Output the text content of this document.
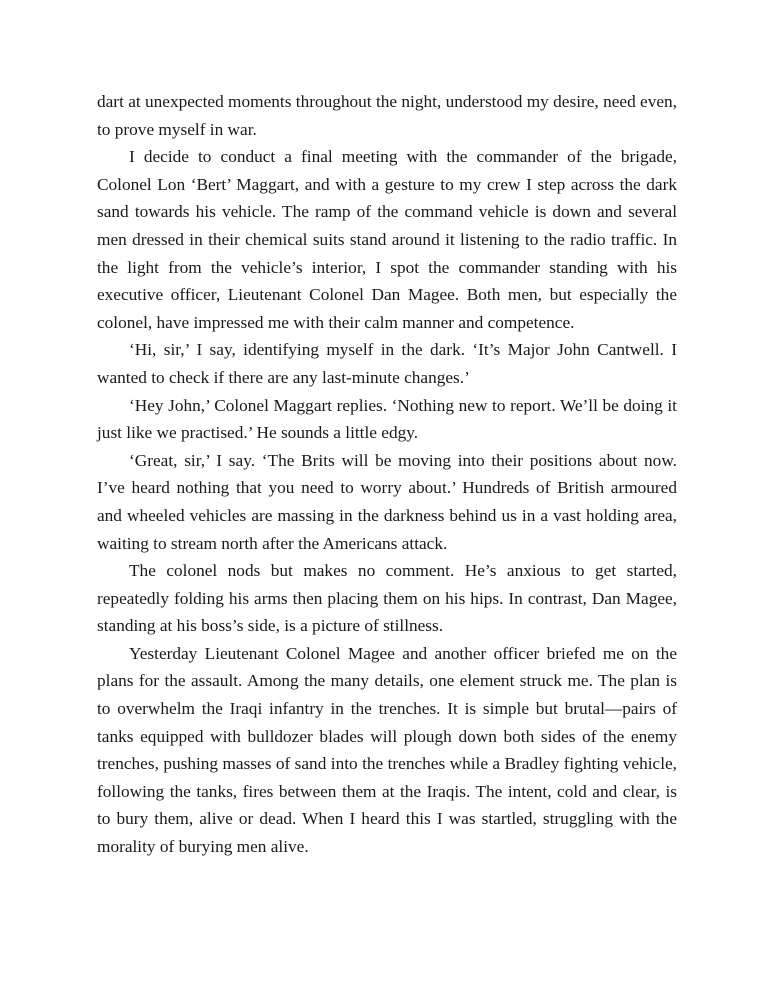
dart at unexpected moments throughout the night, understood my desire, need even, to prove myself in war.

I decide to conduct a final meeting with the commander of the brigade, Colonel Lon ‘Bert’ Maggart, and with a gesture to my crew I step across the dark sand towards his vehicle. The ramp of the command vehicle is down and several men dressed in their chemical suits stand around it listening to the radio traffic. In the light from the vehicle’s interior, I spot the commander standing with his executive officer, Lieutenant Colonel Dan Magee. Both men, but especially the colonel, have impressed me with their calm manner and competence.

‘Hi, sir,’ I say, identifying myself in the dark. ‘It’s Major John Cantwell. I wanted to check if there are any last-minute changes.’

‘Hey John,’ Colonel Maggart replies. ‘Nothing new to report. We’ll be doing it just like we practised.’ He sounds a little edgy.

‘Great, sir,’ I say. ‘The Brits will be moving into their positions about now. I’ve heard nothing that you need to worry about.’ Hundreds of British armoured and wheeled vehicles are massing in the darkness behind us in a vast holding area, waiting to stream north after the Americans attack.

The colonel nods but makes no comment. He’s anxious to get started, repeatedly folding his arms then placing them on his hips. In contrast, Dan Magee, standing at his boss’s side, is a picture of stillness.

Yesterday Lieutenant Colonel Magee and another officer briefed me on the plans for the assault. Among the many details, one element struck me. The plan is to overwhelm the Iraqi infantry in the trenches. It is simple but brutal—pairs of tanks equipped with bulldozer blades will plough down both sides of the enemy trenches, pushing masses of sand into the trenches while a Bradley fighting vehicle, following the tanks, fires between them at the Iraqis. The intent, cold and clear, is to bury them, alive or dead. When I heard this I was startled, struggling with the morality of burying men alive.
